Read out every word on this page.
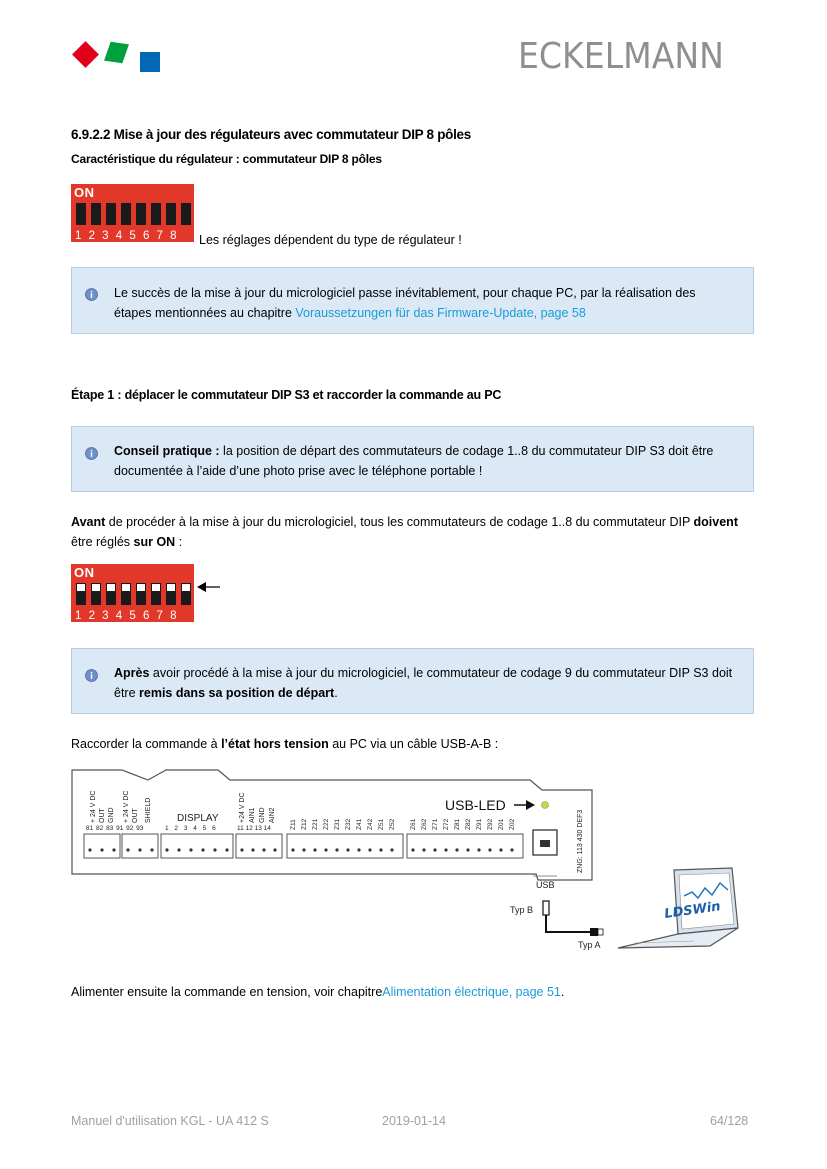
ECKELMANN
6.9.2.2 Mise à jour des régulateurs avec commutateur DIP 8 pôles
Caractéristique du régulateur : commutateur DIP 8 pôles
ON
1 2 3 4 5 6 7 8 Les réglages dépendent du type de régulateur !
Le succès de la mise à jour du micrologiciel passe inévitablement, pour chaque PC, par la réalisation des étapes mentionnées au chapitre Voraussetzungen für das Firmware-Update, page 58
Étape 1 : déplacer le commutateur DIP S3 et raccorder la commande au PC
Conseil pratique : la position de départ des commutateurs de codage 1..8 du commutateur DIP S3 doit être documentée à l’aide d’une photo prise avec le téléphone portable !
Avant de procéder à la mise à jour du micrologiciel, tous les commutateurs de codage 1..8 du commutateur DIP doivent être réglés sur ON :
ON
1 2 3 4 5 6 7 8
Après avoir procédé à la mise à jour du micrologiciel, le commutateur de codage 9 du commutateur DIP S3 doit être remis dans sa position de départ.
Raccorder la commande à l’état hors tension au PC via un câble USB-A-B :
+ 24 V DC OUT GND + 24 V DC OUT SHIELD	+24 V DC AIN1 GND AIN2
Z11 Z12 Z21 Z22 Z31 Z32 Z41 Z42 Z51 Z52 Z61 Z62 Z71 Z72 Z81 Z82 Z91 Z92 Z01 Z02
81 82 83 91 92 93	1 2 3 4 5 6	11 12 13 14
DISPLAY
USB-LED
ZNG: 113 430 DEF3
USB
Typ B
Typ A
LDSWin
Alimenter ensuite la commande en tension, voir chapitreAlimentation électrique, page 51.
Manuel d'utilisation KGL - UA 412 S	2019-01-14	64/128
